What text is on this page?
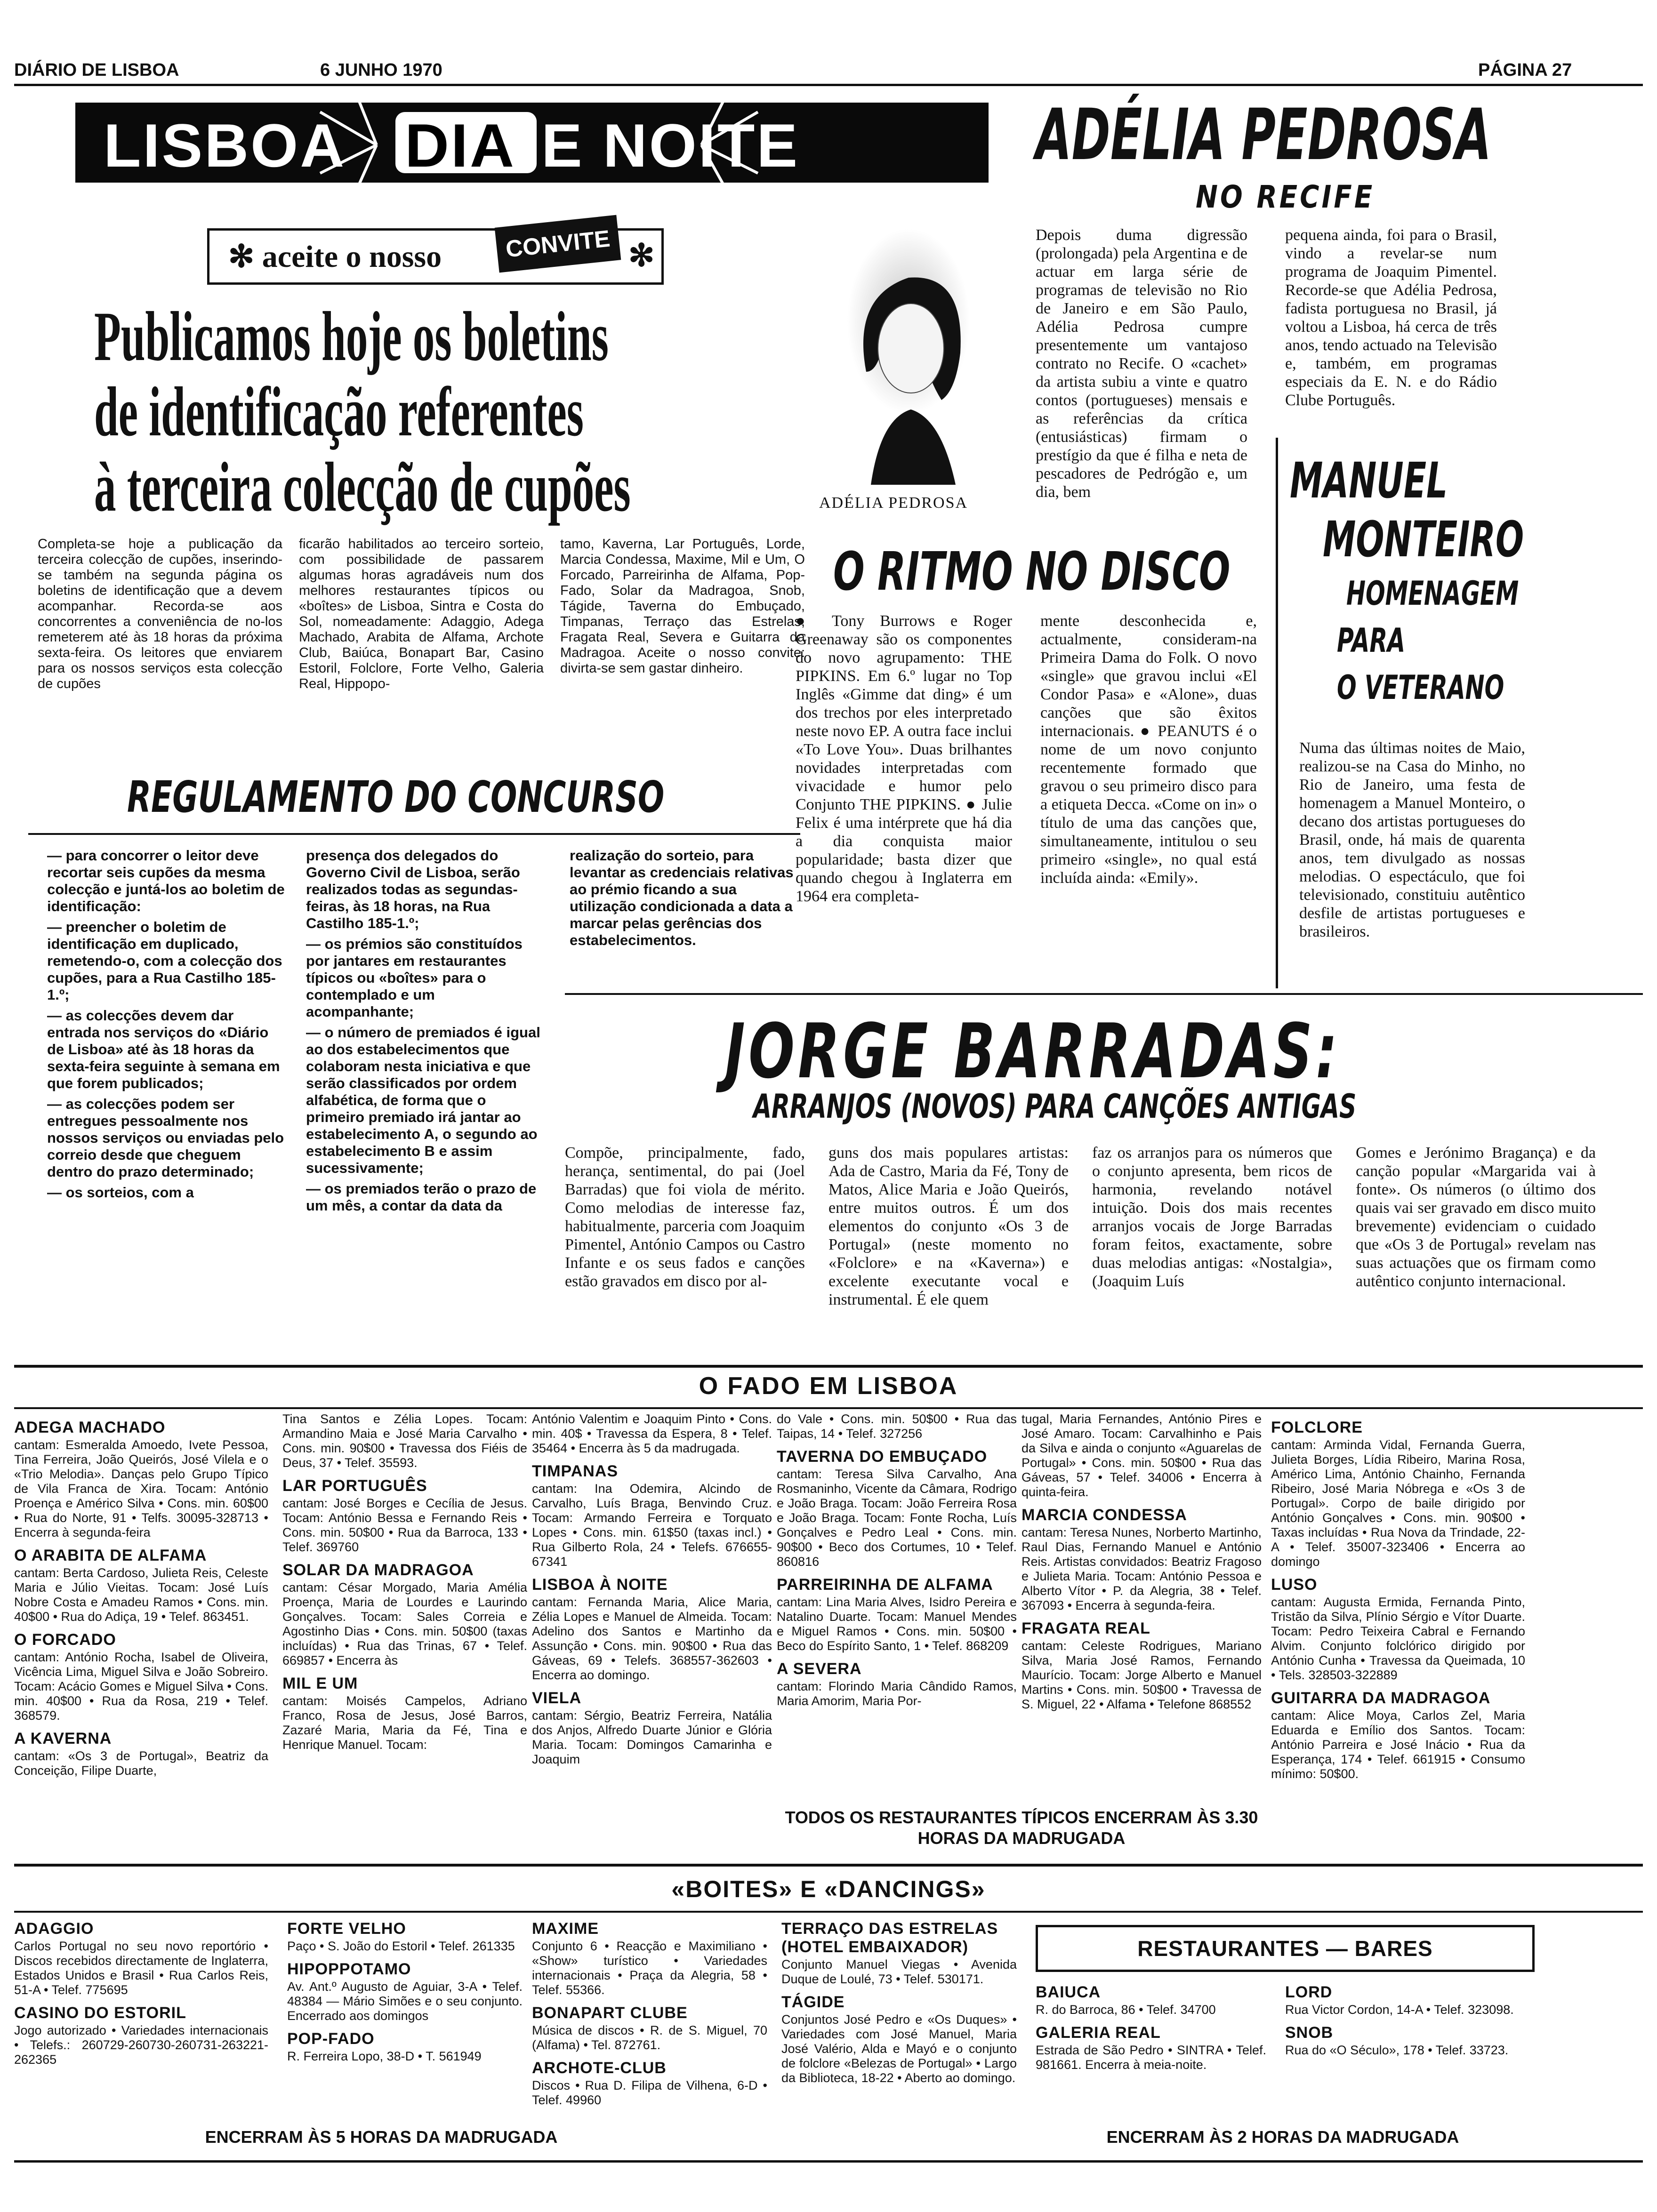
DIÁRIO DE LISBOA	6 JUNHO 1970	PÁGINA 27
LISBOA DIA E NOITE
✻ aceite o nosso	CONVITE ✻
Publicamos hoje os boletins
de identificação referentes
à terceira colecção de cupões
Completa-se hoje a publicação da terceira colecção de cupões, inserindo-se também na segunda página os boletins de identificação que a devem acompanhar. Recorda-se aos concorrentes a conveniência de no-los remeterem até às 18 horas da próxima sexta-feira. Os leitores que enviarem para os nossos serviços esta colecção de cupões
ficarão habilitados ao terceiro sorteio, com possibilidade de passarem algumas horas agradáveis num dos melhores restaurantes típicos ou «boîtes» de Lisboa, Sintra e Costa do Sol, nomeadamente: Adaggio, Adega Machado, Arabita de Alfama, Archote Club, Baiúca, Bonapart Bar, Casino Estoril, Folclore, Forte Velho, Galeria Real, Hippopo-
tamo, Kaverna, Lar Português, Lorde, Marcia Condessa, Maxime, Mil e Um, O Forcado, Parreirinha de Alfama, Pop-Fado, Solar da Madragoa, Snob, Tágide, Taverna do Embuçado, Timpanas, Terraço das Estrelas, Fragata Real, Severa e Guitarra da Madragoa. Aceite o nosso convite: divirta-se sem gastar dinheiro.
REGULAMENTO DO CONCURSO

— para concorrer o leitor deve recortar seis cupões da mesma colecção e juntá-los ao boletim de identificação:

— preencher o boletim de identificação em duplicado, remetendo-o, com a colecção dos cupões, para a Rua Castilho 185-1.º;

— as colecções devem dar entrada nos serviços do «Diário de Lisboa» até às 18 horas da sexta-feira seguinte à semana em que forem publicados;

— as colecções podem ser entregues pessoalmente nos nossos serviços ou enviadas pelo correio desde que cheguem dentro do prazo determinado;

— os sorteios, com a

presença dos delegados do Governo Civil de Lisboa, serão realizados todas as segundas-feiras, às 18 horas, na Rua Castilho 185-1.º;

— os prémios são constituídos por jantares em restaurantes típicos ou «boîtes» para o contemplado e um acompanhante;

— o número de premiados é igual ao dos estabelecimentos que colaboram nesta iniciativa e que serão classificados por ordem alfabética, de forma que o primeiro premiado irá jantar ao estabelecimento A, o segundo ao estabelecimento B e assim sucessivamente;

— os premiados terão o prazo de um mês, a contar da data da

realização do sorteio, para levantar as credenciais relativas ao prémio ficando a sua utilização condicionada a data a marcar pelas gerências dos estabelecimentos.

ADÉLIA PEDROSA
NO RECIFE
ADÉLIA PEDROSA
Depois duma digressão (prolongada) pela Argentina e de actuar em larga série de programas de televisão no Rio de Janeiro e em São Paulo, Adélia Pedrosa cumpre presentemente um vantajoso contrato no Recife. O «cachet» da artista subiu a vinte e quatro contos (portugueses) mensais e as referências da crítica (entusiásticas) firmam o prestígio da que é filha e neta de pescadores de Pedrógão e, um dia, bem
pequena ainda, foi para o Brasil, vindo a revelar-se num programa de Joaquim Pimentel. Recorde-se que Adélia Pedrosa, fadista portuguesa no Brasil, já voltou a Lisboa, há cerca de três anos, tendo actuado na Televisão e, também, em programas especiais da E. N. e do Rádio Clube Português.
O RITMO NO DISCO
● Tony Burrows e Roger Greenaway são os componentes do novo agrupamento: THE PIPKINS. Em 6.º lugar no Top Inglês «Gimme dat ding» é um dos trechos por eles interpretado neste novo EP. A outra face inclui «To Love You». Duas brilhantes novidades interpretadas com vivacidade e humor pelo Conjunto THE PIPKINS. ● Julie Felix é uma intérprete que há dia a dia conquista maior popularidade; basta dizer que quando chegou à Inglaterra em 1964 era completa-
mente desconhecida e, actualmente, consideram-na Primeira Dama do Folk. O novo «single» que gravou inclui «El Condor Pasa» e «Alone», duas canções que são êxitos internacionais. ● PEANUTS é o nome de um novo conjunto recentemente formado que gravou o seu primeiro disco para a etiqueta Decca. «Come on in» o título de uma das canções que, simultaneamente, intitulou o seu primeiro «single», no qual está incluída ainda: «Emily».
MANUEL
MONTEIRO
HOMENAGEM
PARA
O VETERANO
Numa das últimas noites de Maio, realizou-se na Casa do Minho, no Rio de Janeiro, uma festa de homenagem a Manuel Monteiro, o decano dos artistas portugueses do Brasil, onde, há mais de quarenta anos, tem divulgado as nossas melodias. O espectáculo, que foi televisionado, constituiu autêntico desfile de artistas portugueses e brasileiros.
JORGE BARRADAS:
ARRANJOS (NOVOS) PARA CANÇÕES ANTIGAS
Compõe, principalmente, fado, herança, sentimental, do pai (Joel Barradas) que foi viola de mérito. Como melodias de interesse faz, habitualmente, parceria com Joaquim Pimentel, António Campos ou Castro Infante e os seus fados e canções estão gravados em disco por al-
guns dos mais populares artistas: Ada de Castro, Maria da Fé, Tony de Matos, Alice Maria e João Queirós, entre muitos outros. É um dos elementos do conjunto «Os 3 de Portugal» (neste momento no «Folclore» e na «Kaverna») e excelente executante vocal e instrumental. É ele quem
faz os arranjos para os números que o conjunto apresenta, bem ricos de harmonia, revelando notável intuição. Dois dos mais recentes arranjos vocais de Jorge Barradas foram feitos, exactamente, sobre duas melodias antigas: «Nostalgia», (Joaquim Luís
Gomes e Jerónimo Bragança) e da canção popular «Margarida vai à fonte». Os números (o último dos quais vai ser gravado em disco muito brevemente) evidenciam o cuidado que «Os 3 de Portugal» revelam nas suas actuações que os firmam como autêntico conjunto internacional.
O FADO EM LISBOA
ADEGA MACHADO
cantam: Esmeralda Amoedo, Ivete Pessoa, Tina Ferreira, João Queirós, José Vilela e o «Trio Melodia». Danças pelo Grupo Típico de Vila Franca de Xira. Tocam: António Proença e Américo Silva • Cons. min. 60$00 • Rua do Norte, 91 • Telfs. 30095-328713 • Encerra à segunda-feira
O ARABITA DE ALFAMA
cantam: Berta Cardoso, Julieta Reis, Celeste Maria e Júlio Vieitas. Tocam: José Luís Nobre Costa e Amadeu Ramos • Cons. min. 40$00 • Rua do Adiça, 19 • Telef. 863451.
O FORCADO
cantam: António Rocha, Isabel de Oliveira, Vicência Lima, Miguel Silva e João Sobreiro. Tocam: Acácio Gomes e Miguel Silva • Cons. min. 40$00 • Rua da Rosa, 219 • Telef. 368579.
A KAVERNA
cantam: «Os 3 de Portugal», Beatriz da Conceição, Filipe Duarte,
Tina Santos e Zélia Lopes. Tocam: Armandino Maia e José Maria Carvalho • Cons. min. 90$00 • Travessa dos Fiéis de Deus, 37 • Telef. 35593.
LAR PORTUGUÊS
cantam: José Borges e Cecília de Jesus. Tocam: António Bessa e Fernando Reis • Cons. min. 50$00 • Rua da Barroca, 133 • Telef. 369760
SOLAR DA MADRAGOA
cantam: César Morgado, Maria Amélia Proença, Maria de Lourdes e Laurindo Gonçalves. Tocam: Sales Correia e Agostinho Dias • Cons. min. 50$00 (taxas incluídas) • Rua das Trinas, 67 • Telef. 669857 • Encerra às
MIL E UM
cantam: Moisés Campelos, Adriano Franco, Rosa de Jesus, José Barros, Zazaré Maria, Maria da Fé, Tina e Henrique Manuel. Tocam:
António Valentim e Joaquim Pinto • Cons. min. 40$ • Travessa da Espera, 8 • Telef. 35464 • Encerra às 5 da madrugada.
TIMPANAS
cantam: Ina Odemira, Alcindo de Carvalho, Luís Braga, Benvindo Cruz. Tocam: Armando Ferreira e Torquato Lopes • Cons. min. 61$50 (taxas incl.) • Rua Gilberto Rola, 24 • Telefs. 676655-67341
LISBOA À NOITE
cantam: Fernanda Maria, Alice Maria, Zélia Lopes e Manuel de Almeida. Tocam: Adelino dos Santos e Martinho da Assunção • Cons. min. 90$00 • Rua das Gáveas, 69 • Telefs. 368557-362603 • Encerra ao domingo.
VIELA
cantam: Sérgio, Beatriz Ferreira, Natália dos Anjos, Alfredo Duarte Júnior e Glória Maria. Tocam: Domingos Camarinha e Joaquim
do Vale • Cons. min. 50$00 • Rua das Taipas, 14 • Telef. 327256
TAVERNA DO EMBUÇADO
cantam: Teresa Silva Carvalho, Ana Rosmaninho, Vicente da Câmara, Rodrigo e João Braga. Tocam: João Ferreira Rosa e João Braga. Tocam: Fonte Rocha, Luís Gonçalves e Pedro Leal • Cons. min. 90$00 • Beco dos Cortumes, 10 • Telef. 860816
PARREIRINHA DE ALFAMA
cantam: Lina Maria Alves, Isidro Pereira e Natalino Duarte. Tocam: Manuel Mendes e Miguel Ramos • Cons. min. 50$00 • Beco do Espírito Santo, 1 • Telef. 868209
A SEVERA
cantam: Florindo Maria Cândido Ramos, Maria Amorim, Maria Por-
tugal, Maria Fernandes, António Pires e José Amaro. Tocam: Carvalhinho e Pais da Silva e ainda o conjunto «Aguarelas de Portugal» • Cons. min. 50$00 • Rua das Gáveas, 57 • Telef. 34006 • Encerra à quinta-feira.
MARCIA CONDESSA
cantam: Teresa Nunes, Norberto Martinho, Raul Dias, Fernando Manuel e António Reis. Artistas convidados: Beatriz Fragoso e Julieta Maria. Tocam: António Pessoa e Alberto Vítor • P. da Alegria, 38 • Telef. 367093 • Encerra à segunda-feira.
FRAGATA REAL
cantam: Celeste Rodrigues, Mariano Silva, Maria José Ramos, Fernando Maurício. Tocam: Jorge Alberto e Manuel Martins • Cons. min. 50$00 • Travessa de S. Miguel, 22 • Alfama • Telefone 868552
FOLCLORE
cantam: Arminda Vidal, Fernanda Guerra, Julieta Borges, Lídia Ribeiro, Marina Rosa, Américo Lima, António Chainho, Fernanda Ribeiro, José Maria Nóbrega e «Os 3 de Portugal». Corpo de baile dirigido por António Gonçalves • Cons. min. 90$00 • Taxas incluídas • Rua Nova da Trindade, 22-A • Telef. 35007-323406 • Encerra ao domingo
LUSO
cantam: Augusta Ermida, Fernanda Pinto, Tristão da Silva, Plínio Sérgio e Vítor Duarte. Tocam: Pedro Teixeira Cabral e Fernando Alvim. Conjunto folclórico dirigido por António Cunha • Travessa da Queimada, 10 • Tels. 328503-322889
GUITARRA DA MADRAGOA
cantam: Alice Moya, Carlos Zel, Maria Eduarda e Emílio dos Santos. Tocam: António Parreira e José Inácio • Rua da Esperança, 174 • Telef. 661915 • Consumo mínimo: 50$00.
TODOS OS RESTAURANTES TÍPICOS ENCERRAM ÀS 3.30 HORAS DA MADRUGADA
«BOITES» E «DANCINGS»
ADAGGIO
Carlos Portugal no seu novo reportório • Discos recebidos directamente de Inglaterra, Estados Unidos e Brasil • Rua Carlos Reis, 51-A • Telef. 775695
CASINO DO ESTORIL
Jogo autorizado • Variedades internacionais • Telefs.: 260729-260730-260731-263221-262365
FORTE VELHO
Paço • S. João do Estoril • Telef. 261335
HIPOPPOTAMO
Av. Ant.º Augusto de Aguiar, 3-A • Telef. 48384 — Mário Simões e o seu conjunto. Encerrado aos domingos
POP-FADO
R. Ferreira Lopo, 38-D • T. 561949
MAXIME
Conjunto 6 • Reacção e Maximiliano • «Show» turístico • Variedades internacionais • Praça da Alegria, 58 • Telef. 55366.
BONAPART CLUBE
Música de discos • R. de S. Miguel, 70 (Alfama) • Tel. 872761.
ARCHOTE-CLUB
Discos • Rua D. Filipa de Vilhena, 6-D • Telef. 49960
TERRAÇO DAS ESTRELAS (HOTEL EMBAIXADOR)
Conjunto Manuel Viegas • Avenida Duque de Loulé, 73 • Telef. 530171.
TÁGIDE
Conjuntos José Pedro e «Os Duques» • Variedades com José Manuel, Maria José Valério, Alda e Mayó e o conjunto de folclore «Belezas de Portugal» • Largo da Biblioteca, 18-22 • Aberto ao domingo.
ENCERRAM ÀS 5 HORAS DA MADRUGADA
RESTAURANTES — BARES
BAIUCA
R. do Barroca, 86 • Telef. 34700
GALERIA REAL
Estrada de São Pedro • SINTRA • Telef. 981661. Encerra à meia-noite.
LORD
Rua Victor Cordon, 14-A • Telef. 323098.
SNOB
Rua do «O Século», 178 • Telef. 33723.
ENCERRAM ÀS 2 HORAS DA MADRUGADA
